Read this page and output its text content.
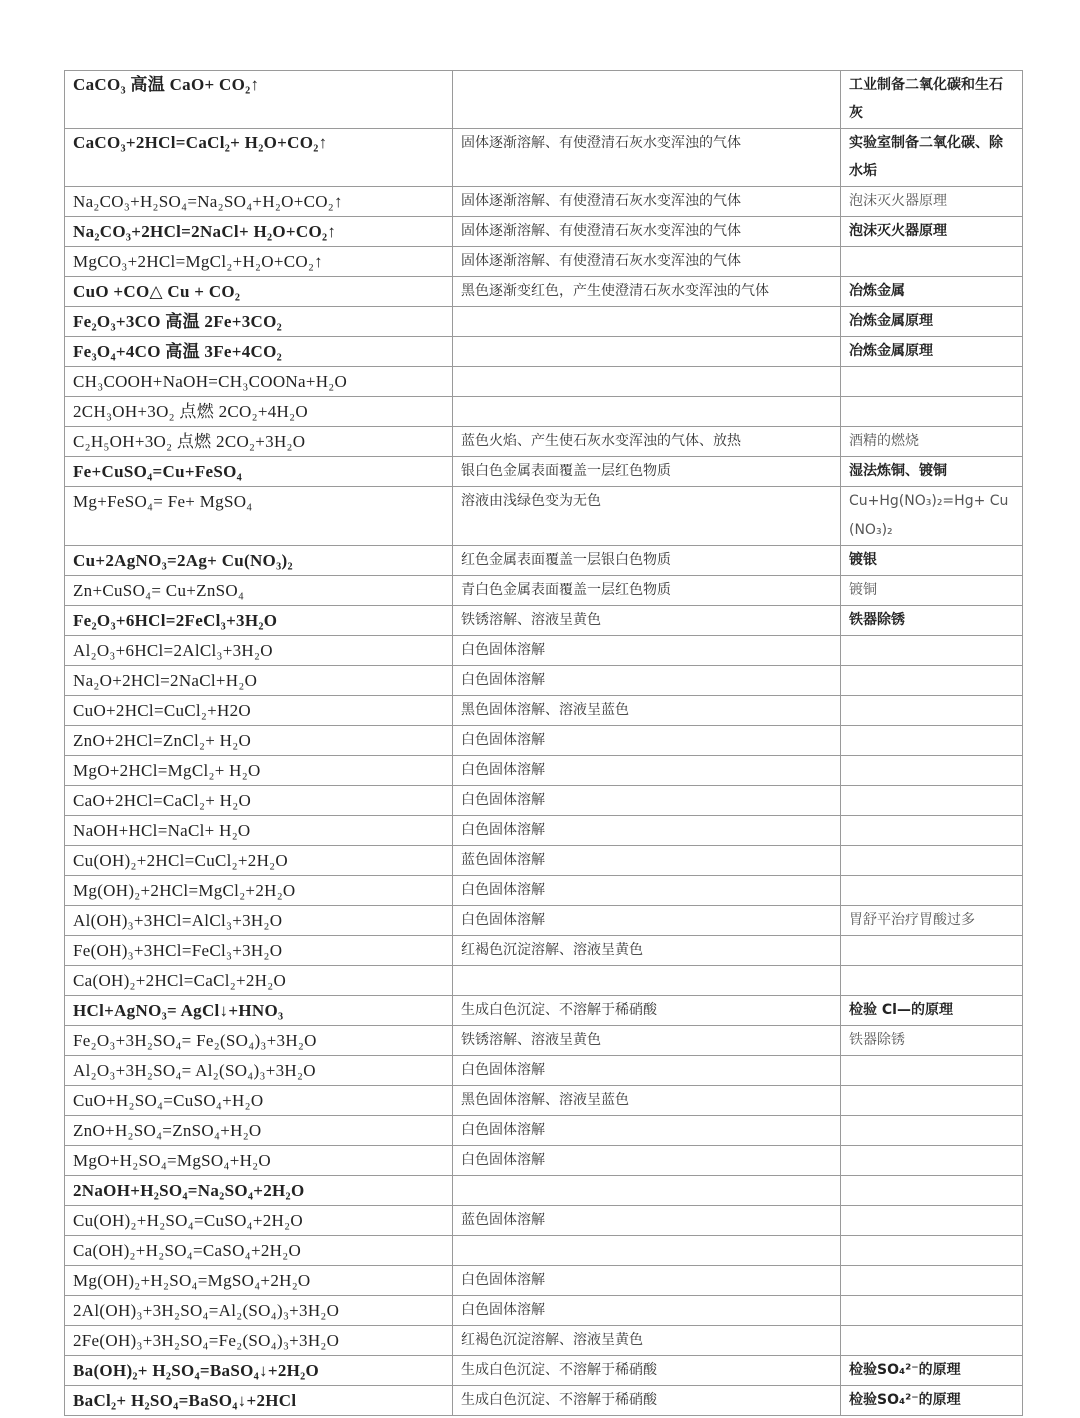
CaCO₃ 高温 CaO+ CO₂↑		工业制备二氧化碳和生石灰
CaCO₃+2HCl=CaCl₂+ H₂O+CO₂↑	固体逐渐溶解、有使澄清石灰水变浑浊的气体	实验室制备二氧化碳、除水垢
Na₂CO₃+H₂SO₄=Na₂SO₄+H₂O+CO₂↑	固体逐渐溶解、有使澄清石灰水变浑浊的气体	泡沫灭火器原理
Na₂CO₃+2HCl=2NaCl+ H₂O+CO₂↑	固体逐渐溶解、有使澄清石灰水变浑浊的气体	泡沫灭火器原理
MgCO₃+2HCl=MgCl₂+H₂O+CO₂↑	固体逐渐溶解、有使澄清石灰水变浑浊的气体	
CuO +CO△ Cu + CO₂	黑色逐渐变红色，产生使澄清石灰水变浑浊的气体	冶炼金属
Fe₂O₃+3CO 高温 2Fe+3CO₂		冶炼金属原理
Fe₃O₄+4CO 高温 3Fe+4CO₂		冶炼金属原理
CH₃COOH+NaOH=CH₃COONa+H₂O		
2CH₃OH+3O₂ 点燃 2CO₂+4H₂O		
C₂H₅OH+3O₂ 点燃 2CO₂+3H₂O	蓝色火焰、产生使石灰水变浑浊的气体、放热	酒精的燃烧
Fe+CuSO₄=Cu+FeSO₄	银白色金属表面覆盖一层红色物质	湿法炼铜、镀铜
Mg+FeSO₄= Fe+ MgSO₄	溶液由浅绿色变为无色	Cu+Hg(NO₃)₂=Hg+ Cu (NO₃)₂
Cu+2AgNO₃=2Ag+ Cu(NO₃)₂	红色金属表面覆盖一层银白色物质	镀银
Zn+CuSO₄= Cu+ZnSO₄	青白色金属表面覆盖一层红色物质	镀铜
Fe₂O₃+6HCl=2FeCl₃+3H₂O	铁锈溶解、溶液呈黄色	铁器除锈
Al₂O₃+6HCl=2AlCl₃+3H₂O	白色固体溶解	
Na₂O+2HCl=2NaCl+H₂O	白色固体溶解	
CuO+2HCl=CuCl₂+H2O	黑色固体溶解、溶液呈蓝色	
ZnO+2HCl=ZnCl₂+ H₂O	白色固体溶解	
MgO+2HCl=MgCl₂+ H₂O	白色固体溶解	
CaO+2HCl=CaCl₂+ H₂O	白色固体溶解	
NaOH+HCl=NaCl+ H₂O	白色固体溶解	
Cu(OH)₂+2HCl=CuCl₂+2H₂O	蓝色固体溶解	
Mg(OH)₂+2HCl=MgCl₂+2H₂O	白色固体溶解	
Al(OH)₃+3HCl=AlCl₃+3H₂O	白色固体溶解	胃舒平治疗胃酸过多
Fe(OH)₃+3HCl=FeCl₃+3H₂O	红褐色沉淀溶解、溶液呈黄色	
Ca(OH)₂+2HCl=CaCl₂+2H₂O		
HCl+AgNO₃= AgCl↓+HNO₃	生成白色沉淀、不溶解于稀硝酸	检验 Cl—的原理
Fe₂O₃+3H₂SO₄= Fe₂(SO₄)₃+3H₂O	铁锈溶解、溶液呈黄色	铁器除锈
Al₂O₃+3H₂SO₄= Al₂(SO₄)₃+3H₂O	白色固体溶解	
CuO+H₂SO₄=CuSO₄+H₂O	黑色固体溶解、溶液呈蓝色	
ZnO+H₂SO₄=ZnSO₄+H₂O	白色固体溶解	
MgO+H₂SO₄=MgSO₄+H₂O	白色固体溶解	
2NaOH+H₂SO₄=Na₂SO₄+2H₂O		
Cu(OH)₂+H₂SO₄=CuSO₄+2H₂O	蓝色固体溶解	
Ca(OH)₂+H₂SO₄=CaSO₄+2H₂O		
Mg(OH)₂+H₂SO₄=MgSO₄+2H₂O	白色固体溶解	
2Al(OH)₃+3H₂SO₄=Al₂(SO₄)₃+3H₂O	白色固体溶解	
2Fe(OH)₃+3H₂SO₄=Fe₂(SO₄)₃+3H₂O	红褐色沉淀溶解、溶液呈黄色	
Ba(OH)₂+ H₂SO₄=BaSO₄↓+2H₂O	生成白色沉淀、不溶解于稀硝酸	检验SO₄²⁻的原理
BaCl₂+ H₂SO₄=BaSO₄↓+2HCl	生成白色沉淀、不溶解于稀硝酸	检验SO₄²⁻的原理
